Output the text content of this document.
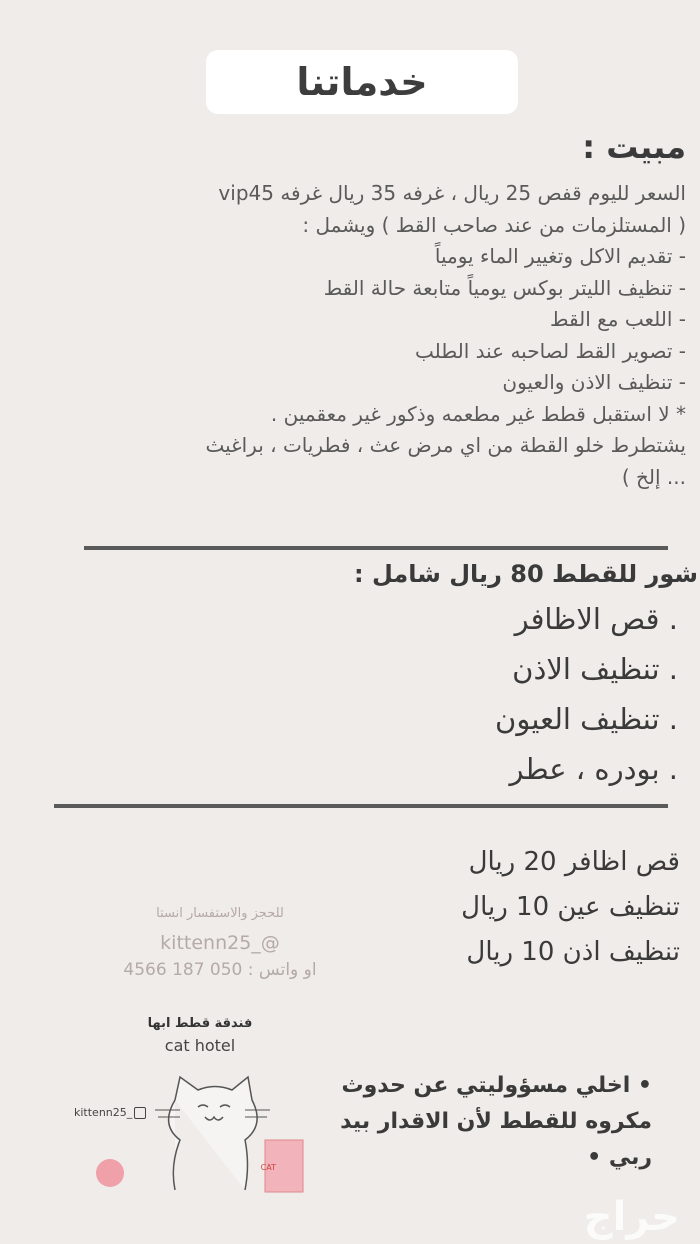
خدماتنا
مبيت :
السعر لليوم قفص 25 ريال ، غرفه 35 ريال غرفه vip45
( المستلزمات من عند صاحب القط ) ويشمل :
- تقديم الاكل وتغيير الماء يومياً
- تنظيف الليتر بوكس يومياً متابعة حالة القط
- اللعب مع القط
- تصوير القط لصاحبه عند الطلب
- تنظيف الاذن والعيون
* لا استقبل قطط غير مطعمه وذكور غير معقمين .
يشتطرط خلو القطة من اي مرض عث ، فطريات ، براغيث
... إلخ )
شور للقطط 80 ريال شامل :
. قص الاظافر
. تنظيف الاذن
. تنظيف العيون
. بودره ، عطر
قص اظافر 20 ريال
تنظيف عين 10 ريال
تنظيف اذن 10 ريال
للحجز والاستفسار انستا
kittenn25_@
او واتس : 050 187 4566
فندقة قطط ابها
cat hotel
kittenn25_
CAT
• اخلي مسؤوليتي عن حدوث مكروه للقطط لأن الاقدار بيد ربي •
حراج
